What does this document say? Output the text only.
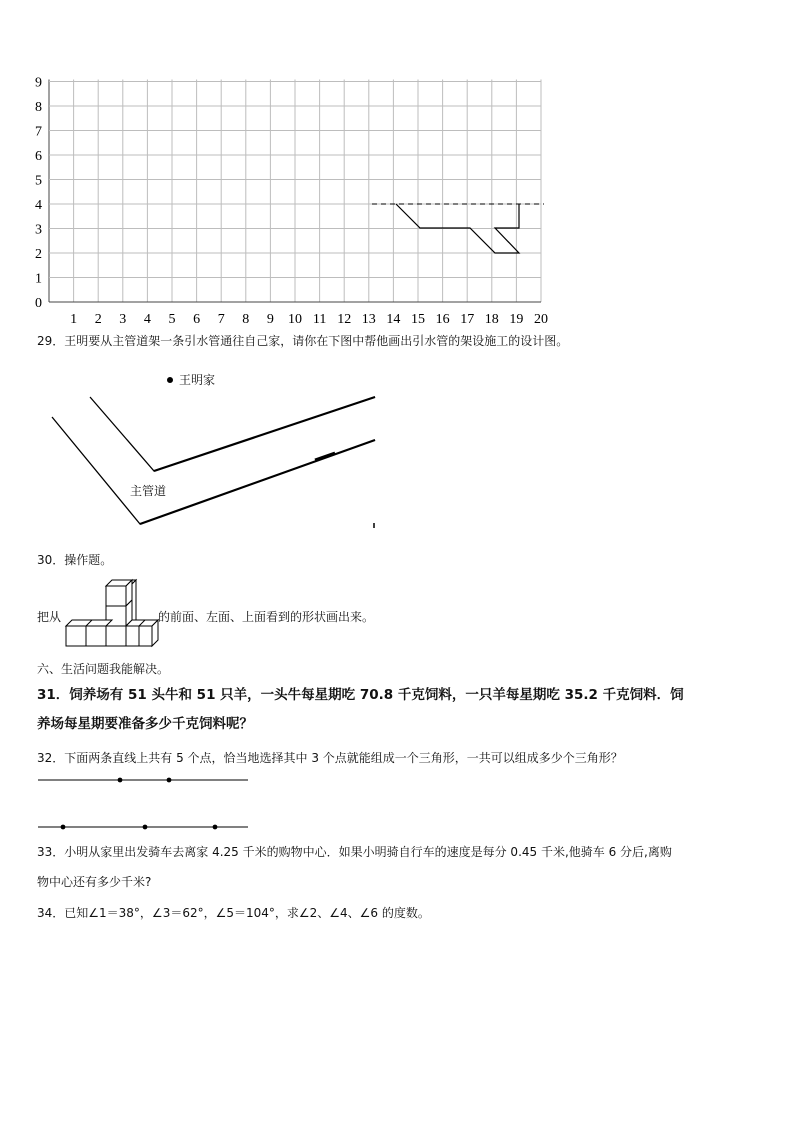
0
1
2
3
4
5
6
7
8
9
1 2 3 4 5 6 7 8 9 10 11 12 13 14 15 16 17 18 19 20
29．王明要从主管道架一条引水管通往自己家，请你在下图中帮他画出引水管的架设施工的设计图。
王明家
主管道
30．操作题。
把从	的前面、左面、上面看到的形状画出来。
六、生活问题我能解决。
31．饲养场有 51 头牛和 51 只羊，一头牛每星期吃 70.8 千克饲料，一只羊每星期吃 35.2 千克饲料．饲
养场每星期要准备多少千克饲料呢？
32．下面两条直线上共有 5 个点，恰当地选择其中 3 个点就能组成一个三角形，一共可以组成多少个三角形？
33．小明从家里出发骑车去离家 4.25 千米的购物中心．如果小明骑自行车的速度是每分 0.45 千米,他骑车 6 分后,离购
物中心还有多少千米?
34．已知∠1＝38°，∠3＝62°，∠5＝104°，求∠2、∠4、∠6 的度数。
